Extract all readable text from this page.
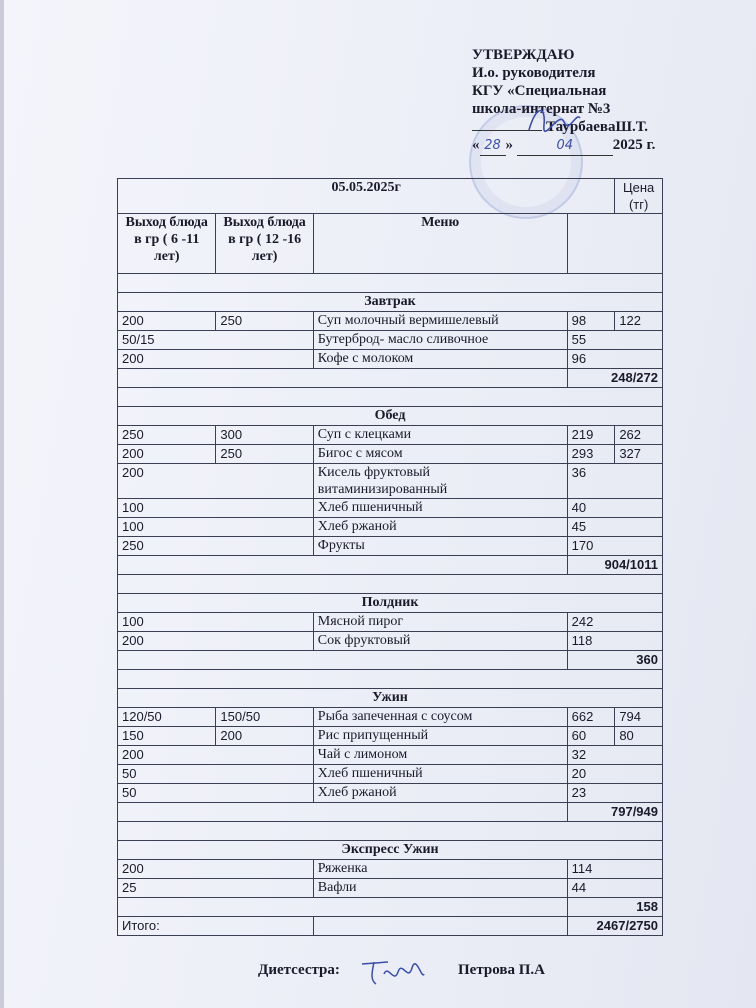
УТВЕРЖДАЮ
И.о. руководителя
КГУ «Специальная
школа-интернат №3
ТаурбаеваШ.Т.
« 28 »	04	2025 г.
05.05.2025г				Цена (тг)
Выход блюда в гр ( 6 -11 лет)	Выход блюда в гр ( 12 -16 лет)	Меню		

Завтрак				
200	250	Суп молочный вермишелевый	98	122
50/15		Бутерброд- масло сливочное	55	
200		Кофе с молоком	96	
			248/272	

Обед				
250	300	Суп с клецками	219	262
200	250	Бигос с мясом	293	327
200		Кисель фруктовый витаминизированный	36	
100		Хлеб пшеничный	40	
100		Хлеб ржаной	45	
250		Фрукты	170	
			904/1011	

Полдник				
100		Мясной пирог	242	
200		Сок фруктовый	118	
			360	

Ужин				
120/50	150/50	Рыба запеченная с соусом	662	794
150	200	Рис припущенный	60	80
200		Чай с лимоном	32	
50		Хлеб пшеничный	20	
50		Хлеб ржаной	23	
			797/949	

Экспресс Ужин				
200		Ряженка	114	
25		Вафли	44	
			158	
Итого:			2467/2750	
Диетсестра:	Петрова П.А
